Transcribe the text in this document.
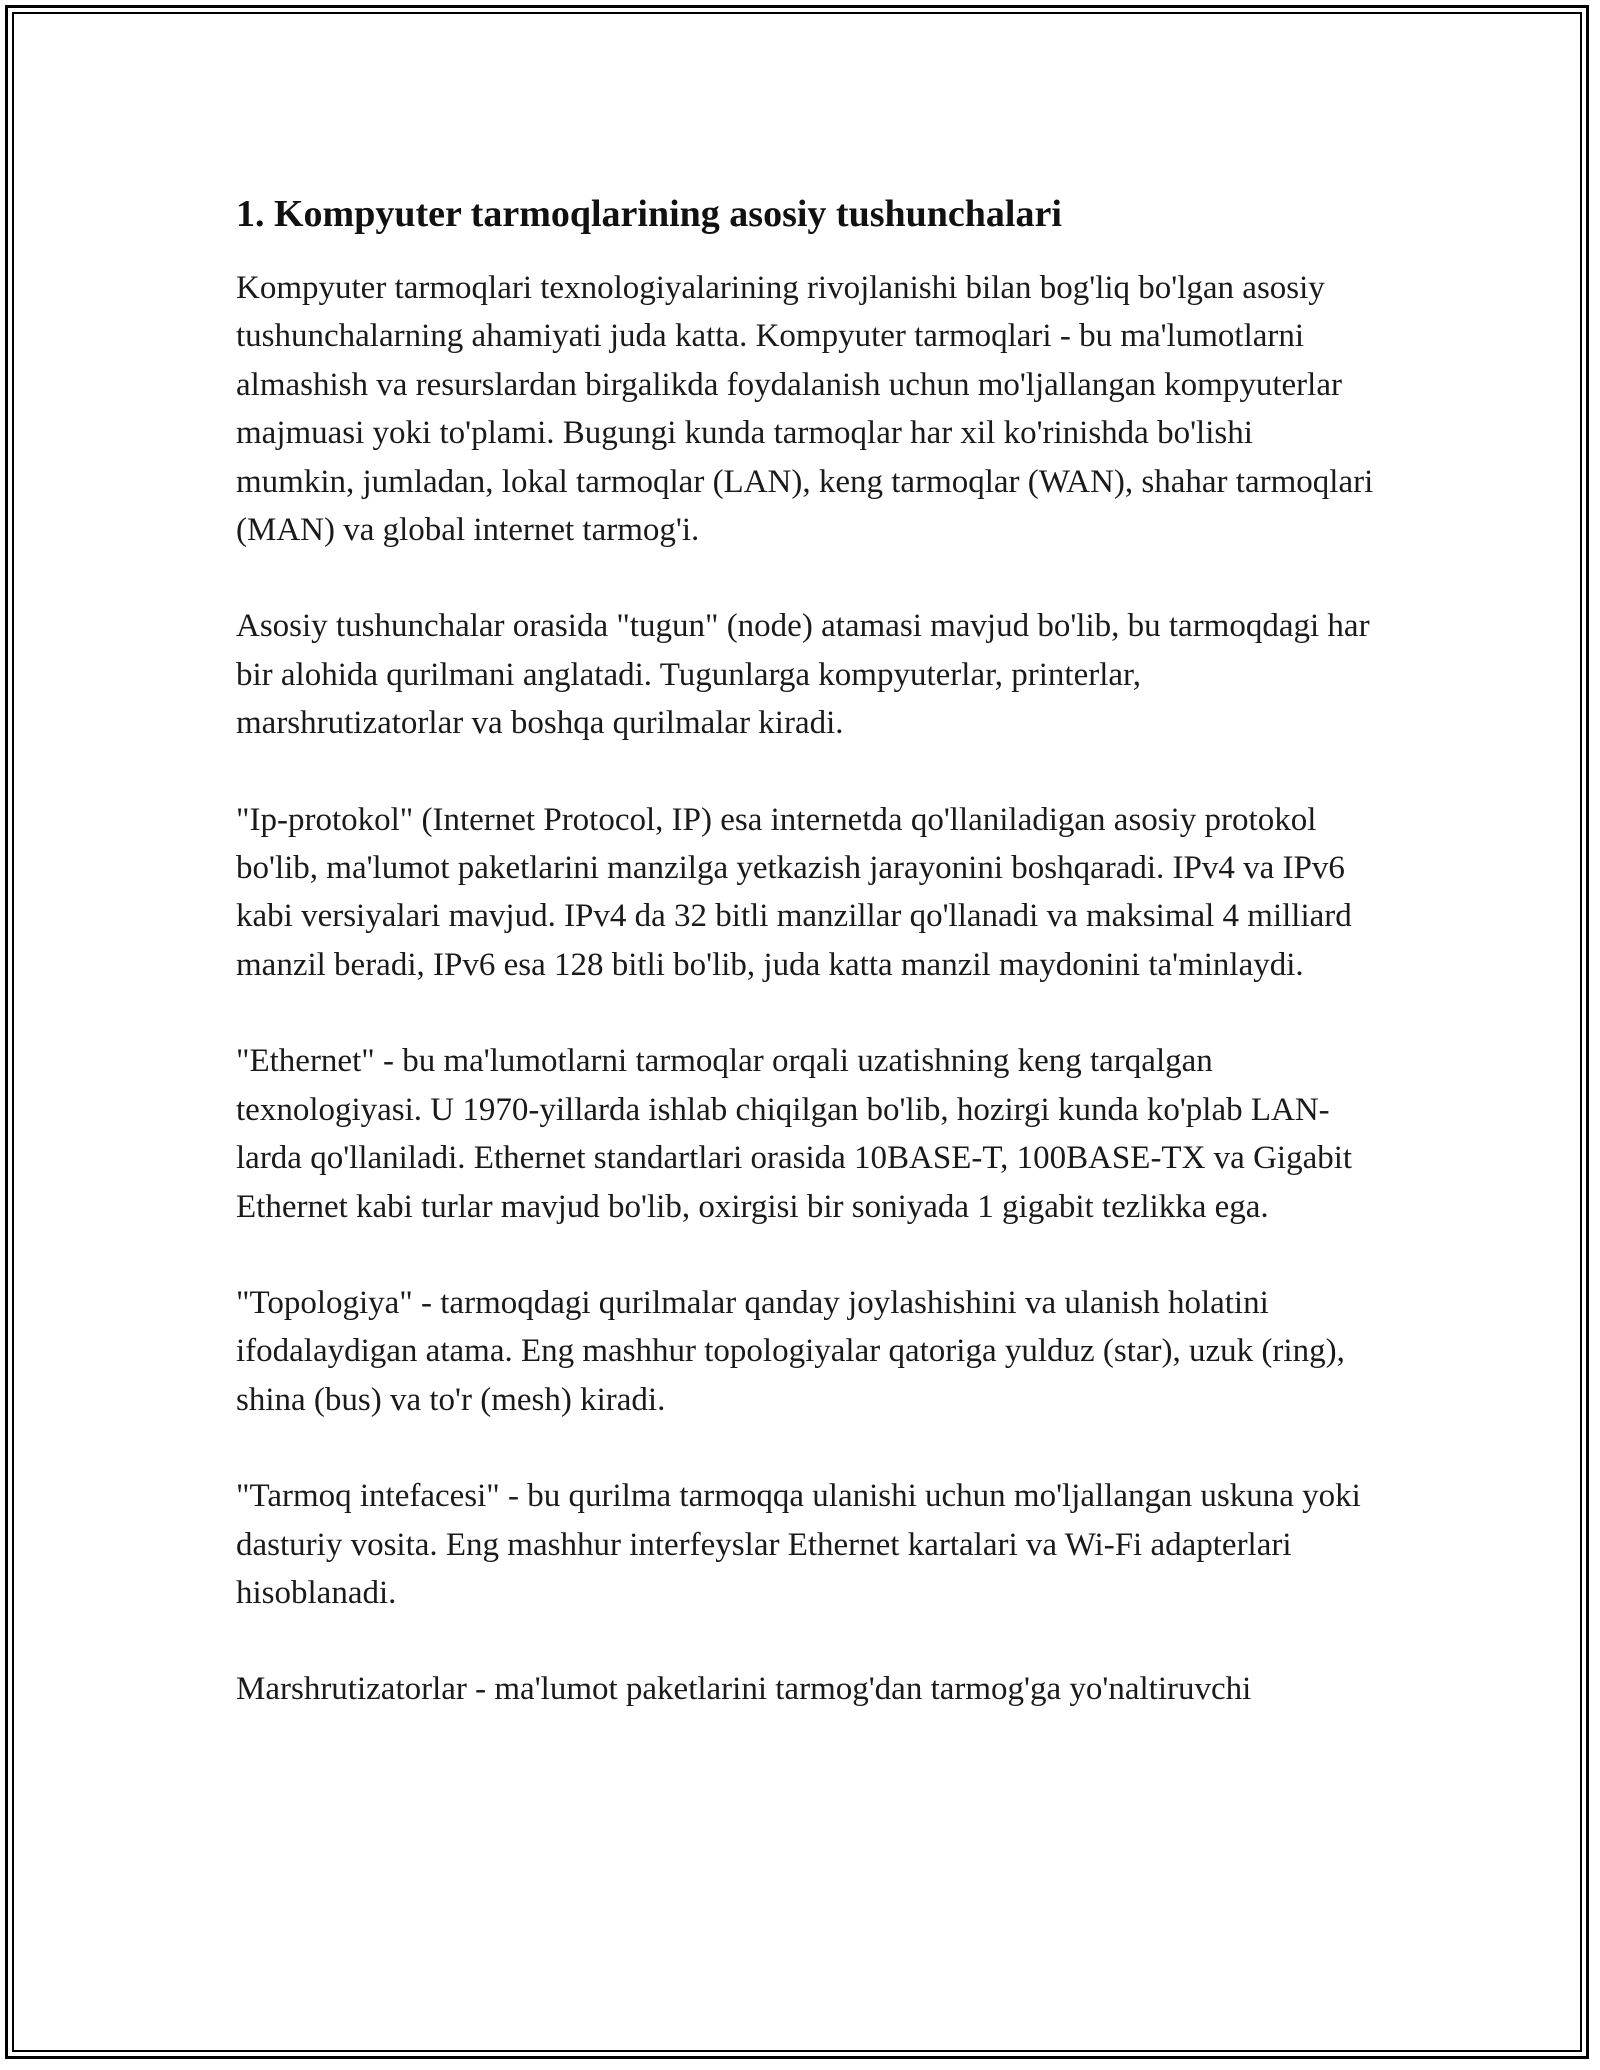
1. Kompyuter tarmoqlarining asosiy tushunchalari

Kompyuter tarmoqlari texnologiyalarining rivojlanishi bilan bog'liq bo'lgan asosiy tushunchalarning ahamiyati juda katta. Kompyuter tarmoqlari - bu ma'lumotlarni almashish va resurslardan birgalikda foydalanish uchun mo'ljallangan kompyuterlar majmuasi yoki to'plami. Bugungi kunda tarmoqlar har xil ko'rinishda bo'lishi mumkin, jumladan, lokal tarmoqlar (LAN), keng tarmoqlar (WAN), shahar tarmoqlari (MAN) va global internet tarmog'i.

Asosiy tushunchalar orasida "tugun" (node) atamasi mavjud bo'lib, bu tarmoqdagi har bir alohida qurilmani anglatadi. Tugunlarga kompyuterlar, printerlar, marshrutizatorlar va boshqa qurilmalar kiradi.

"Ip-protokol" (Internet Protocol, IP) esa internetda qo'llaniladigan asosiy protokol bo'lib, ma'lumot paketlarini manzilga yetkazish jarayonini boshqaradi. IPv4 va IPv6 kabi versiyalari mavjud. IPv4 da 32 bitli manzillar qo'llanadi va maksimal 4 milliard manzil beradi, IPv6 esa 128 bitli bo'lib, juda katta manzil maydonini ta'minlaydi.

"Ethernet" - bu ma'lumotlarni tarmoqlar orqali uzatishning keng tarqalgan texnologiyasi. U 1970-yillarda ishlab chiqilgan bo'lib, hozirgi kunda ko'plab LAN-larda qo'llaniladi. Ethernet standartlari orasida 10BASE-T, 100BASE-TX va Gigabit Ethernet kabi turlar mavjud bo'lib, oxirgisi bir soniyada 1 gigabit tezlikka ega.

"Topologiya" - tarmoqdagi qurilmalar qanday joylashishini va ulanish holatini ifodalaydigan atama. Eng mashhur topologiyalar qatoriga yulduz (star), uzuk (ring), shina (bus) va to'r (mesh) kiradi.

"Tarmoq intefacesi" - bu qurilma tarmoqqa ulanishi uchun mo'ljallangan uskuna yoki dasturiy vosita. Eng mashhur interfeyslar Ethernet kartalari va Wi-Fi adapterlari hisoblanadi.

Marshrutizatorlar - ma'lumot paketlarini tarmog'dan tarmog'ga yo'naltiruvchi
